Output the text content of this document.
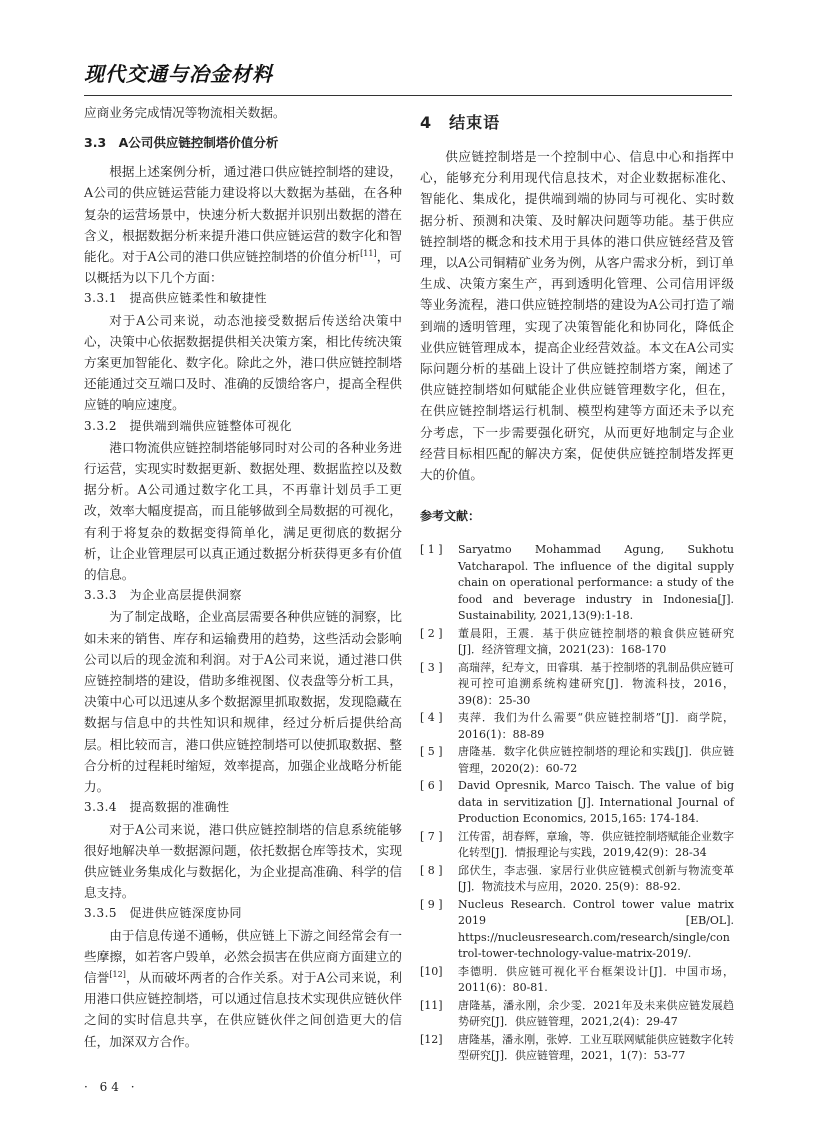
现代交通与冶金材料

应商业务完成情况等物流相关数据。

3.3　A公司供应链控制塔价值分析

根据上述案例分析，通过港口供应链控制塔的建设，A公司的供应链运营能力建设将以大数据为基础，在各种复杂的运营场景中，快速分析大数据并识别出数据的潜在含义，根据数据分析来提升港口供应链运营的数字化和智能化。对于A公司的港口供应链控制塔的价值分析[11]，可以概括为以下几个方面：

3.3.1　提高供应链柔性和敏捷性

对于A公司来说，动态池接受数据后传送给决策中心，决策中心依据数据提供相关决策方案，相比传统决策方案更加智能化、数字化。除此之外，港口供应链控制塔还能通过交互端口及时、准确的反馈给客户，提高全程供应链的响应速度。

3.3.2　提供端到端供应链整体可视化

港口物流供应链控制塔能够同时对公司的各种业务进行运营，实现实时数据更新、数据处理、数据监控以及数据分析。A公司通过数字化工具，不再靠计划员手工更改，效率大幅度提高，而且能够做到全局数据的可视化，有利于将复杂的数据变得简单化，满足更彻底的数据分析，让企业管理层可以真正通过数据分析获得更多有价值的信息。

3.3.3　为企业高层提供洞察

为了制定战略，企业高层需要各种供应链的洞察，比如未来的销售、库存和运输费用的趋势，这些活动会影响公司以后的现金流和利润。对于A公司来说，通过港口供应链控制塔的建设，借助多维视图、仪表盘等分析工具，决策中心可以迅速从多个数据源里抓取数据，发现隐藏在数据与信息中的共性知识和规律，经过分析后提供给高层。相比较而言，港口供应链控制塔可以使抓取数据、整合分析的过程耗时缩短，效率提高，加强企业战略分析能力。

3.3.4　提高数据的准确性

对于A公司来说，港口供应链控制塔的信息系统能够很好地解决单一数据源问题，依托数据仓库等技术，实现供应链业务集成化与数据化，为企业提高准确、科学的信息支持。

3.3.5　促进供应链深度协同

由于信息传递不通畅，供应链上下游之间经常会有一些摩擦，如若客户毁单，必然会损害在供应商方面建立的信誉[12]，从而破坏两者的合作关系。对于A公司来说，利用港口供应链控制塔，可以通过信息技术实现供应链伙伴之间的实时信息共享，在供应链伙伴之间创造更大的信任，加深双方合作。

4　结束语

供应链控制塔是一个控制中心、信息中心和指挥中心，能够充分利用现代信息技术，对企业数据标准化、智能化、集成化，提供端到端的协同与可视化、实时数据分析、预测和决策、及时解决问题等功能。基于供应链控制塔的概念和技术用于具体的港口供应链经营及管理，以A公司铜精矿业务为例，从客户需求分析，到订单生成、决策方案生产，再到透明化管理、公司信用评级等业务流程，港口供应链控制塔的建设为A公司打造了端到端的透明管理，实现了决策智能化和协同化，降低企业供应链管理成本，提高企业经营效益。本文在A公司实际问题分析的基础上设计了供应链控制塔方案，阐述了供应链控制塔如何赋能企业供应链管理数字化，但在，在供应链控制塔运行机制、模型构建等方面还未予以充分考虑，下一步需要强化研究，从而更好地制定与企业经营目标相匹配的解决方案，促使供应链控制塔发挥更大的价值。

参考文献：
[ 1 ]	Saryatmo Mohammad Agung, Sukhotu Vatcharapol. The influence of the digital supply chain on operational performance: a study of the food and beverage industry in Indonesia[J]. Sustainability, 2021,13(9):1-18.
[ 2 ]	董晨阳，王震．基于供应链控制塔的粮食供应链研究[J]．经济管理文摘，2021(23)：168-170
[ 3 ]	高瑞萍，纪寿文，田睿琪．基于控制塔的乳制品供应链可视可控可追溯系统构建研究[J]．物流科技，2016，39(8)：25-30
[ 4 ]	夷萍．我们为什么需要“供应链控制塔”[J]．商学院，2016(1)：88-89
[ 5 ]	唐隆基．数字化供应链控制塔的理论和实践[J]．供应链管理，2020(2)：60-72
[ 6 ]	David Opresnik, Marco Taisch. The value of big data in servitization [J]. International Journal of Production Economics, 2015,165: 174-184.
[ 7 ]	江传雷，胡春辉，章瑜，等．供应链控制塔赋能企业数字化转型[J]．情报理论与实践，2019,42(9)：28-34
[ 8 ]	邱伏生，李志强．家居行业供应链模式创新与物流变革[J]．物流技术与应用，2020. 25(9)：88-92.
[ 9 ]	Nucleus Research. Control tower value matrix 2019 [EB/OL]. https://nucleusresearch.com/research/single/control-tower-technology-value-matrix-2019/.
[10]	李德明．供应链可视化平台框架设计[J]．中国市场，2011(6)：80-81.
[11]	唐隆基，潘永刚，余少雯．2021年及未来供应链发展趋势研究[J]．供应链管理，2021,2(4)：29-47
[12]	唐隆基，潘永刚，张婷．工业互联网赋能供应链数字化转型研究[J]．供应链管理，2021，1(7)：53-77
· 64 ·
